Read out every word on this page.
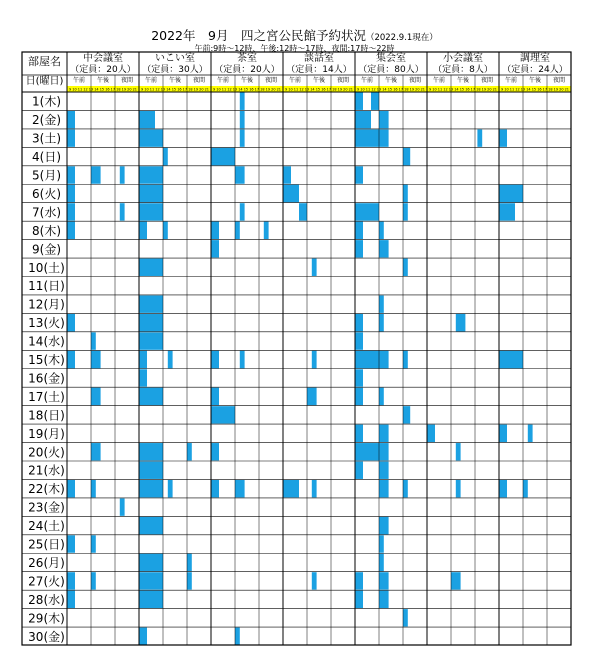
2022年　9月　四之宮公民館予約状況（2022.9.1現在）
午前:9時～12時、午後:12時～17時、夜間:17時～22時
部屋名
日(曜日)
中会議室
（定員：20人）
午前 午後 夜間
9 10 11 12 13 14 15 16 17 18 19 20 21
いこい室
（定員：30人）
午前 午後 夜間
9 10 11 12 13 14 15 16 17 18 19 20 21
茶室
（定員：20人）
午前 午後 夜間
9 10 11 12 13 14 15 16 17 18 19 20 21
談話室
（定員：14人）
午前 午後 夜間
9 10 11 12 13 14 15 16 17 18 19 20 21
集会室
（定員：80人）
午前 午後 夜間
9 10 11 12 13 14 15 16 17 18 19 20 21
小会議室
（定員：8人）
午前 午後 夜間
9 10 11 12 13 14 15 16 17 18 19 20 21
調理室
（定員：24人）
午前 午後 夜間
9 10 11 12 13 14 15 16 17 18 19 20 21
1(木)
2(金)
3(土)
4(日)
5(月)
6(火)
7(水)
8(木)
9(金)
10(土)
11(日)
12(月)
13(火)
14(水)
15(木)
16(金)
17(土)
18(日)
19(月)
20(火)
21(水)
22(木)
23(金)
24(土)
25(日)
26(月)
27(火)
28(水)
29(木)
30(金)
